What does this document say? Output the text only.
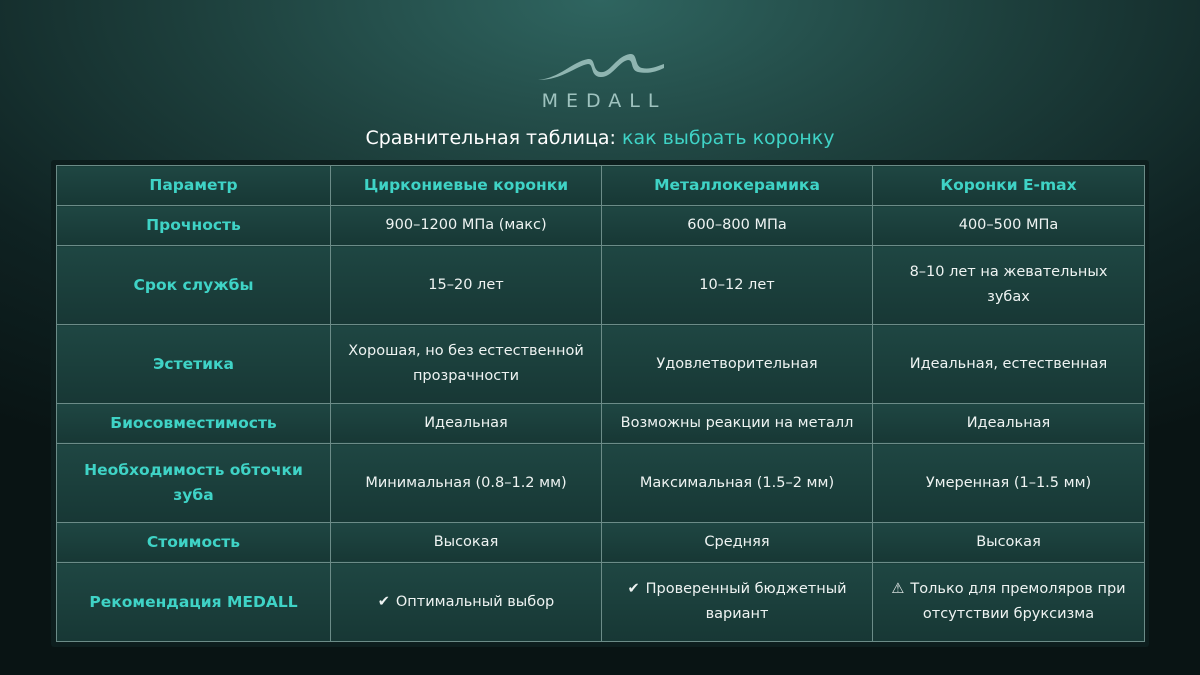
MEDALL
Сравнительная таблица: как выбрать коронку
Параметр	Циркониевые коронки	Металлокерамика	Коронки E-max
Прочность	900–1200 МПа (макс)	600–800 МПа	400–500 МПа
Срок службы	15–20 лет	10–12 лет	8–10 лет на жевательных зубах
Эстетика	Хорошая, но без естественной прозрачности	Удовлетворительная	Идеальная, естественная
Биосовместимость	Идеальная	Возможны реакции на металл	Идеальная
Необходимость обточки зуба	Минимальная (0.8–1.2 мм)	Максимальная (1.5–2 мм)	Умеренная (1–1.5 мм)
Стоимость	Высокая	Средняя	Высокая
Рекомендация MEDALL	✔ Оптимальный выбор	✔ Проверенный бюджетный вариант	⚠ Только для премоляров при отсутствии бруксизма
